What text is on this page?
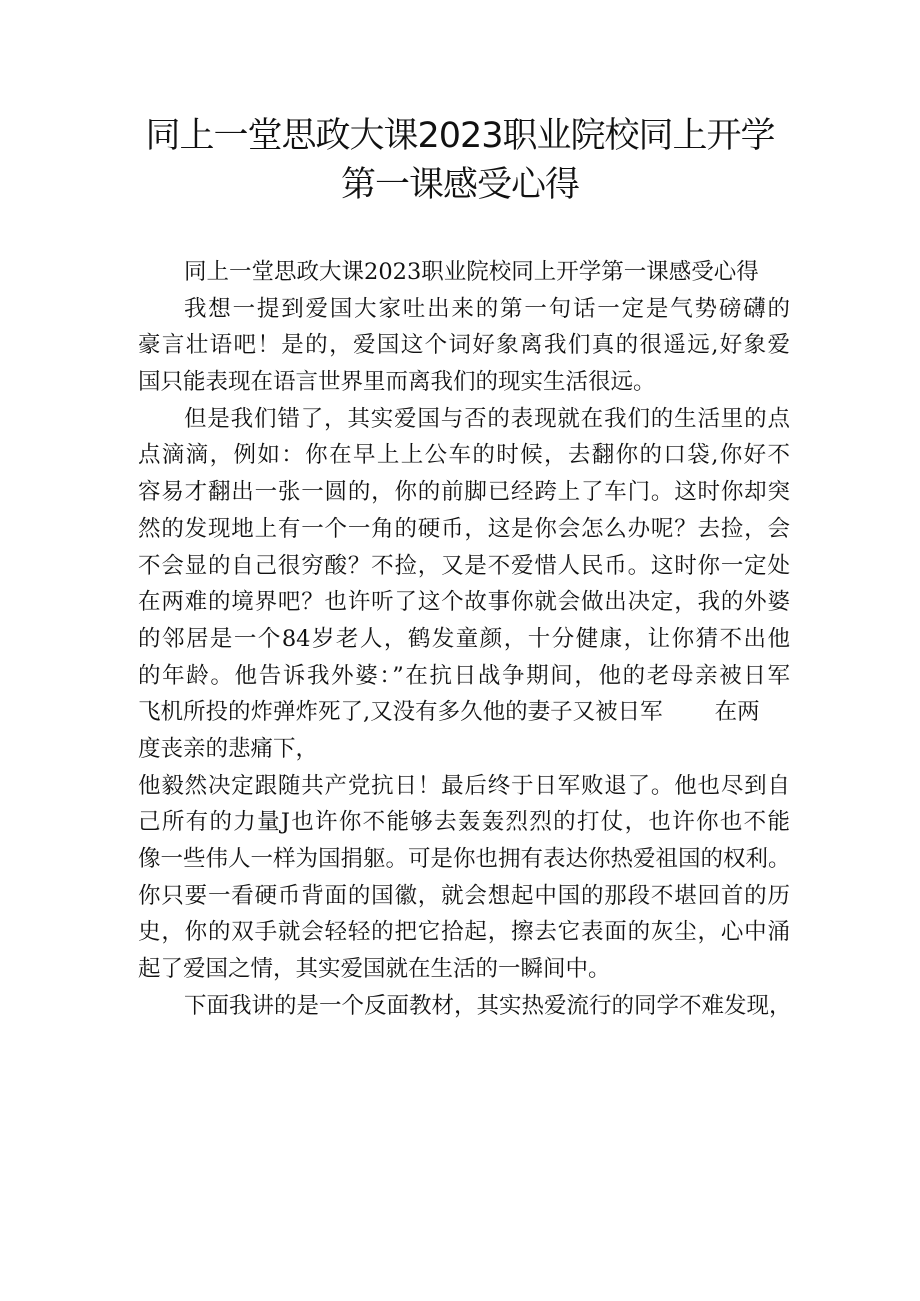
同上一堂思政大课2023职业院校同上开学
第一课感受心得
同上一堂思政大课2023职业院校同上开学第一课感受心得
我想一提到爱国大家吐出来的第一句话一定是气势磅礴的
豪言壮语吧！是的，爱国这个词好象离我们真的很遥远,好象爱
国只能表现在语言世界里而离我们的现实生活很远。
但是我们错了，其实爱国与否的表现就在我们的生活里的点
点滴滴，例如：你在早上上公车的时候，去翻你的口袋,你好不
容易才翻出一张一圆的，你的前脚已经跨上了车门。这时你却突
然的发现地上有一个一角的硬币，这是你会怎么办呢？去捡，会
不会显的自己很穷酸？不捡，又是不爱惜人民币。这时你一定处
在两难的境界吧？也许听了这个故事你就会做出决定，我的外婆
的邻居是一个84岁老人，鹤发童颜，十分健康，让你猜不出他
的年龄。他告诉我外婆：”在抗日战争期间，他的老母亲被日军
飞机所投的炸弹炸死了,又没有多久他的妻子又被日军 在两
度丧亲的悲痛下，
他毅然决定跟随共产党抗日！最后终于日军败退了。他也尽到自
己所有的力量J也许你不能够去轰轰烈烈的打仗，也许你也不能
像一些伟人一样为国捐躯。可是你也拥有表达你热爱祖国的权利。
你只要一看硬币背面的国徽，就会想起中国的那段不堪回首的历
史，你的双手就会轻轻的把它拾起，擦去它表面的灰尘，心中涌
起了爱国之情，其实爱国就在生活的一瞬间中。
下面我讲的是一个反面教材，其实热爱流行的同学不难发现，
